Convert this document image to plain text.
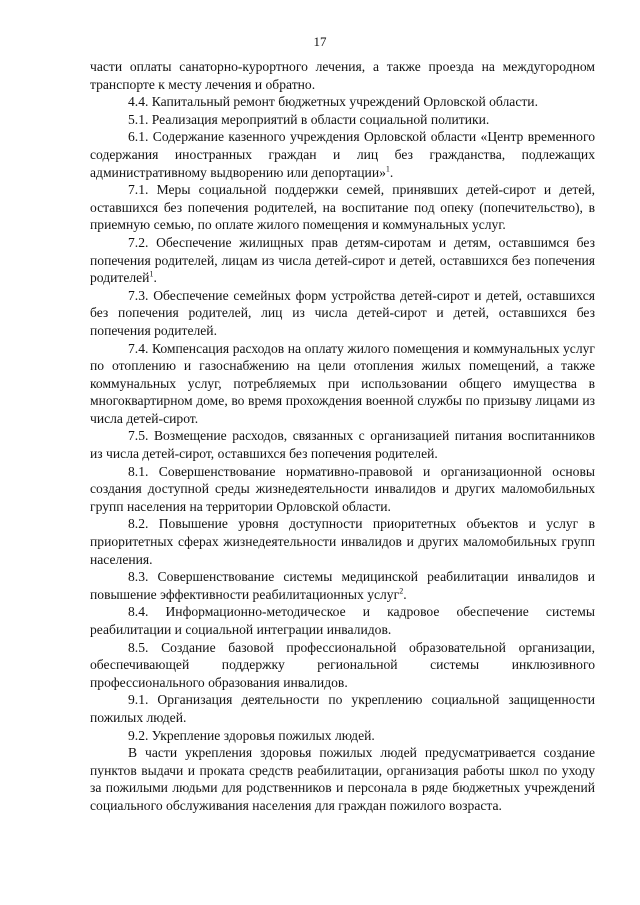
17

части оплаты санаторно-курортного лечения, а также проезда на междугородном транспорте к месту лечения и обратно.

4.4. Капитальный ремонт бюджетных учреждений Орловской области.

5.1. Реализация мероприятий в области социальной политики.

6.1. Содержание казенного учреждения Орловской области «Центр временного содержания иностранных граждан и лиц без гражданства, подлежащих административному выдворению или депортации»$^1$.

7.1. Меры социальной поддержки семей, принявших детей-сирот и детей, оставшихся без попечения родителей, на воспитание под опеку (попечительство), в приемную семью, по оплате жилого помещения и коммунальных услуг.

7.2. Обеспечение жилищных прав детям-сиротам и детям, оставшимся без попечения родителей, лицам из числа детей-сирот и детей, оставшихся без попечения родителей$^1$.

7.3. Обеспечение семейных форм устройства детей-сирот и детей, оставшихся без попечения родителей, лиц из числа детей-сирот и детей, оставшихся без попечения родителей.

7.4. Компенсация расходов на оплату жилого помещения и коммунальных услуг по отоплению и газоснабжению на цели отопления жилых помещений, а также коммунальных услуг, потребляемых при использовании общего имущества в многоквартирном доме, во время прохождения военной службы по призыву лицами из числа детей-сирот.

7.5. Возмещение расходов, связанных с организацией питания воспитанников из числа детей-сирот, оставшихся без попечения родителей.

8.1. Совершенствование нормативно-правовой и организационной основы создания доступной среды жизнедеятельности инвалидов и других маломобильных групп населения на территории Орловской области.

8.2. Повышение уровня доступности приоритетных объектов и услуг в приоритетных сферах жизнедеятельности инвалидов и других маломобильных групп населения.

8.3. Совершенствование системы медицинской реабилитации инвалидов и повышение эффективности реабилитационных услуг$^2$.

8.4. Информационно-методическое и кадровое обеспечение системы реабилитации и социальной интеграции инвалидов.

8.5. Создание базовой профессиональной образовательной организации, обеспечивающей поддержку региональной системы инклюзивного профессионального образования инвалидов.

9.1. Организация деятельности по укреплению социальной защищенности пожилых людей.

9.2. Укрепление здоровья пожилых людей.

В части укрепления здоровья пожилых людей предусматривается создание пунктов выдачи и проката средств реабилитации, организация работы школ по уходу за пожилыми людьми для родственников и персонала в ряде бюджетных учреждений социального обслуживания населения для граждан пожилого возраста.
